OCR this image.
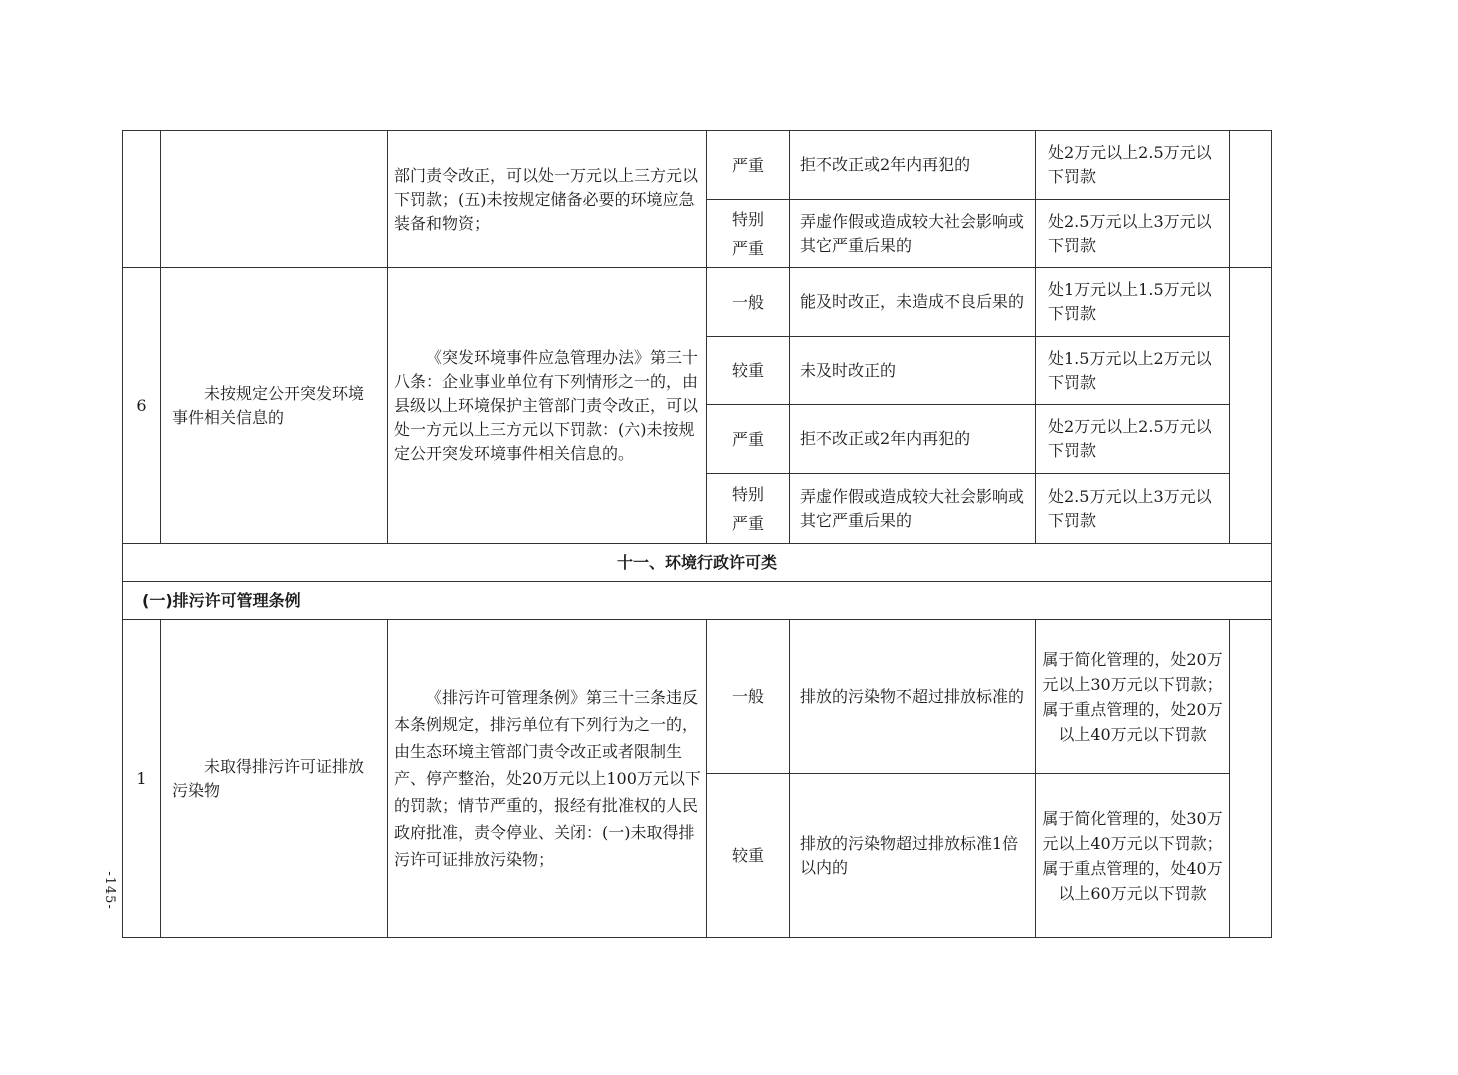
		部门责令改正，可以处一万元以上三方元以下罚款；(五)未按规定储备必要的环境应急装备和物资；	严重	拒不改正或2年内再犯的	处2万元以上2.5万元以下罚款	

			特别严重	弄虚作假或造成较大社会影响或其它严重后果的	处2.5万元以上3万元以下罚款	
6	未按规定公开突发环境事件相关信息的	《突发环境事件应急管理办法》第三十八条：企业事业单位有下列情形之一的，由县级以上环境保护主管部门责令改正，可以处一方元以上三方元以下罚款：(六)未按规定公开突发环境事件相关信息的。	一般	能及时改正，未造成不良后果的	处1万元以上1.5万元以下罚款	
			较重	未及时改正的	处1.5万元以上2万元以下罚款	
			严重	拒不改正或2年内再犯的	处2万元以上2.5万元以下罚款	

			特别严重	弄虚作假或造成较大社会影响或其它严重后果的	处2.5万元以上3万元以下罚款	
十一、环境行政许可类						
(一)排污许可管理条例						
1	未取得排污许可证排放污染物	《排污许可管理条例》第三十三条违反本条例规定，排污单位有下列行为之一的，由生态环境主管部门责令改正或者限制生产、停产整治，处20万元以上100万元以下的罚款；情节严重的，报经有批准权的人民政府批准，责令停业、关闭：(一)未取得排污许可证排放污染物；	一般	排放的污染物不超过排放标准的	属于简化管理的，处20万元以上30万元以下罚款；属于重点管理的，处20万以上40万元以下罚款	
			较重	排放的污染物超过排放标准1倍以内的	属于简化管理的，处30万元以上40万元以下罚款；属于重点管理的，处40万以上60万元以下罚款	
-145-
